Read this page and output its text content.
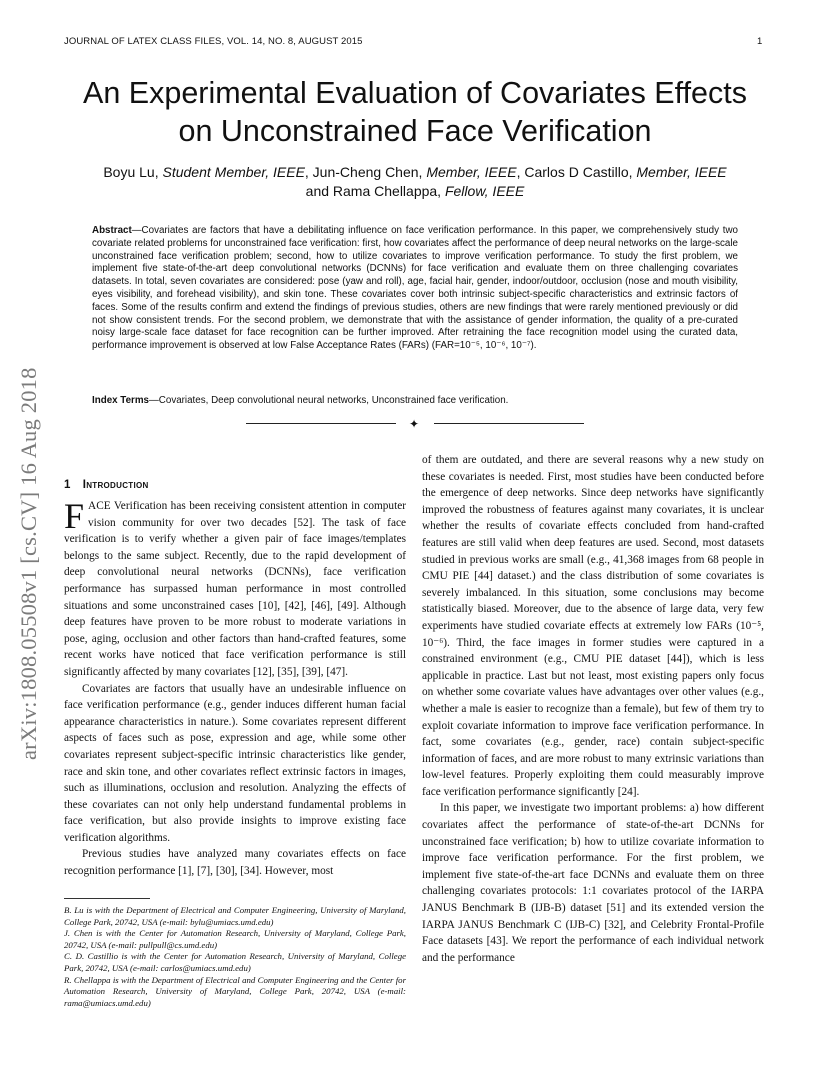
JOURNAL OF LATEX CLASS FILES, VOL. 14, NO. 8, AUGUST 2015	1
arXiv:1808.05508v1 [cs.CV] 16 Aug 2018
An Experimental Evaluation of Covariates Effects on Unconstrained Face Verification
Boyu Lu, Student Member, IEEE, Jun-Cheng Chen, Member, IEEE, Carlos D Castillo, Member, IEEE
and Rama Chellappa, Fellow, IEEE
Abstract—Covariates are factors that have a debilitating influence on face verification performance. In this paper, we comprehensively study two covariate related problems for unconstrained face verification: first, how covariates affect the performance of deep neural networks on the large-scale unconstrained face verification problem; second, how to utilize covariates to improve verification performance. To study the first problem, we implement five state-of-the-art deep convolutional networks (DCNNs) for face verification and evaluate them on three challenging covariates datasets. In total, seven covariates are considered: pose (yaw and roll), age, facial hair, gender, indoor/outdoor, occlusion (nose and mouth visibility, eyes visibility, and forehead visibility), and skin tone. These covariates cover both intrinsic subject-specific characteristics and extrinsic factors of faces. Some of the results confirm and extend the findings of previous studies, others are new findings that were rarely mentioned previously or did not show consistent trends. For the second problem, we demonstrate that with the assistance of gender information, the quality of a pre-curated noisy large-scale face dataset for face recognition can be further improved. After retraining the face recognition model using the curated data, performance improvement is observed at low False Acceptance Rates (FARs) (FAR=10⁻⁵, 10⁻⁶, 10⁻⁷).
Index Terms—Covariates, Deep convolutional neural networks, Unconstrained face verification.
✦
1 Introduction

FACE Verification has been receiving consistent attention in computer vision community for over two decades [52]. The task of face verification is to verify whether a given pair of face images/templates belongs to the same subject. Recently, due to the rapid development of deep convolutional neural networks (DCNNs), face verification performance has surpassed human performance in most controlled situations and some unconstrained cases [10], [42], [46], [49]. Although deep features have proven to be more robust to moderate variations in pose, aging, occlusion and other factors than hand-crafted features, some recent works have noticed that face verification performance is still significantly affected by many covariates [12], [35], [39], [47].

Covariates are factors that usually have an undesirable influence on face verification performance (e.g., gender induces different human facial appearance characteristics in nature.). Some covariates represent different aspects of faces such as pose, expression and age, while some other covariates represent subject-specific intrinsic characteristics like gender, race and skin tone, and other covariates reflect extrinsic factors in images, such as illuminations, occlusion and resolution. Analyzing the effects of these covariates can not only help understand fundamental problems in face verification, but also provide insights to improve existing face verification algorithms.

Previous studies have analyzed many covariates effects on face recognition performance [1], [7], [30], [34]. However, most

B. Lu is with the Department of Electrical and Computer Engineering, University of Maryland, College Park, 20742, USA (e-mail: bylu@umiacs.umd.edu)

J. Chen is with the Center for Automation Research, University of Maryland, College Park, 20742, USA (e-mail: pullpull@cs.umd.edu)

C. D. Castillio is with the Center for Automation Research, University of Maryland, College Park, 20742, USA (e-mail: carlos@umiacs.umd.edu)

R. Chellappa is with the Department of Electrical and Computer Engineering and the Center for Automation Research, University of Maryland, College Park, 20742, USA (e-mail: rama@umiacs.umd.edu)

of them are outdated, and there are several reasons why a new study on these covariates is needed. First, most studies have been conducted before the emergence of deep networks. Since deep networks have significantly improved the robustness of features against many covariates, it is unclear whether the results of covariate effects concluded from hand-crafted features are still valid when deep features are used. Second, most datasets studied in previous works are small (e.g., 41,368 images from 68 people in CMU PIE [44] dataset.) and the class distribution of some covariates is severely imbalanced. In this situation, some conclusions may become statistically biased. Moreover, due to the absence of large data, very few experiments have studied covariate effects at extremely low FARs (10⁻⁵, 10⁻⁶). Third, the face images in former studies were captured in a constrained environment (e.g., CMU PIE dataset [44]), which is less applicable in practice. Last but not least, most existing papers only focus on whether some covariate values have advantages over other values (e.g., whether a male is easier to recognize than a female), but few of them try to exploit covariate information to improve face verification performance. In fact, some covariates (e.g., gender, race) contain subject-specific information of faces, and are more robust to many extrinsic variations than low-level features. Properly exploiting them could measurably improve face verification performance significantly [24].

In this paper, we investigate two important problems: a) how different covariates affect the performance of state-of-the-art DCNNs for unconstrained face verification; b) how to utilize covariate information to improve face verification performance. For the first problem, we implement five state-of-the-art face DCNNs and evaluate them on three challenging covariates protocols: 1:1 covariates protocol of the IARPA JANUS Benchmark B (IJB-B) dataset [51] and its extended version the IARPA JANUS Benchmark C (IJB-C) [32], and Celebrity Frontal-Profile Face datasets [43]. We report the performance of each individual network and the performance
